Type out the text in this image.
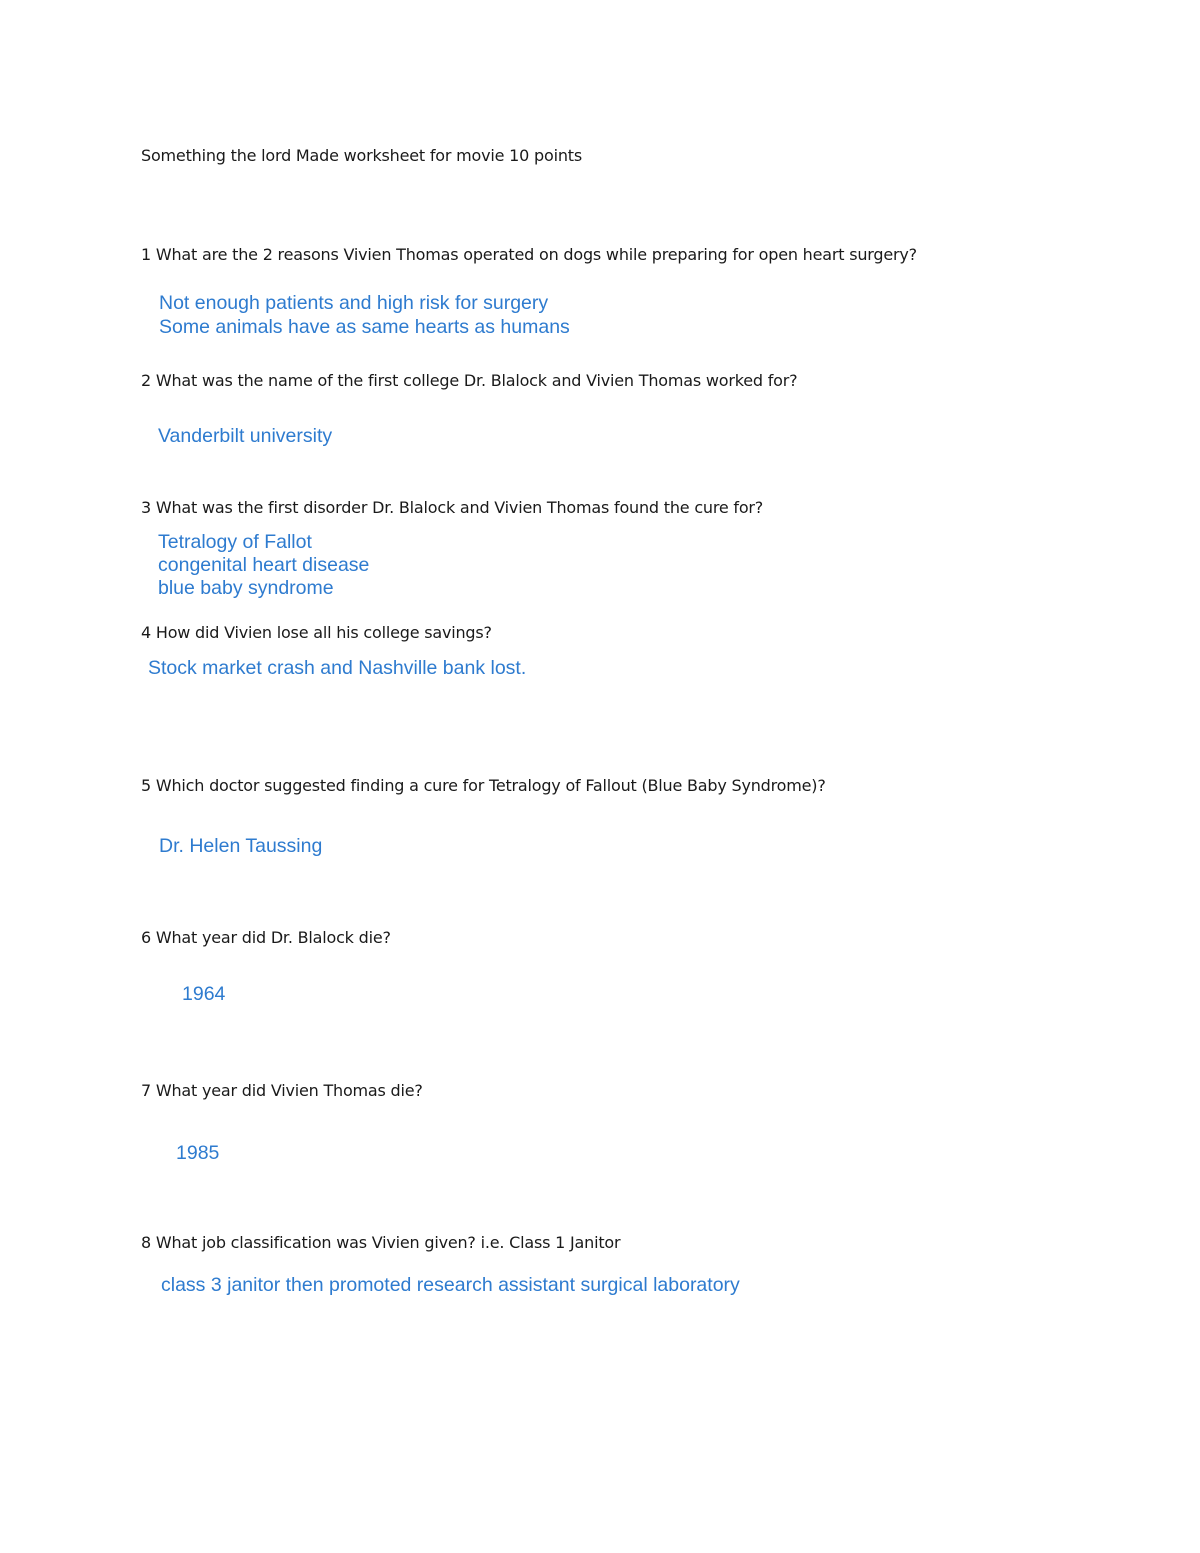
Something the lord Made worksheet for movie 10 points
1 What are the 2 reasons Vivien Thomas operated on dogs while preparing for open heart surgery?
Not enough patients and high risk for surgery
Some animals have as same hearts as humans
2 What was the name of the first college Dr. Blalock and Vivien Thomas worked for?
Vanderbilt university
3 What was the first disorder Dr. Blalock and Vivien Thomas found the cure for?
Tetralogy of Fallot
congenital heart disease
blue baby syndrome
4 How did Vivien lose all his college savings?
Stock market crash and Nashville bank lost.
5 Which doctor suggested finding a cure for Tetralogy of Fallout (Blue Baby Syndrome)?
Dr. Helen Taussing
6 What year did Dr. Blalock die?
1964
7 What year did Vivien Thomas die?
1985
8 What job classification was Vivien given? i.e. Class 1 Janitor
class 3 janitor then promoted research assistant surgical laboratory
